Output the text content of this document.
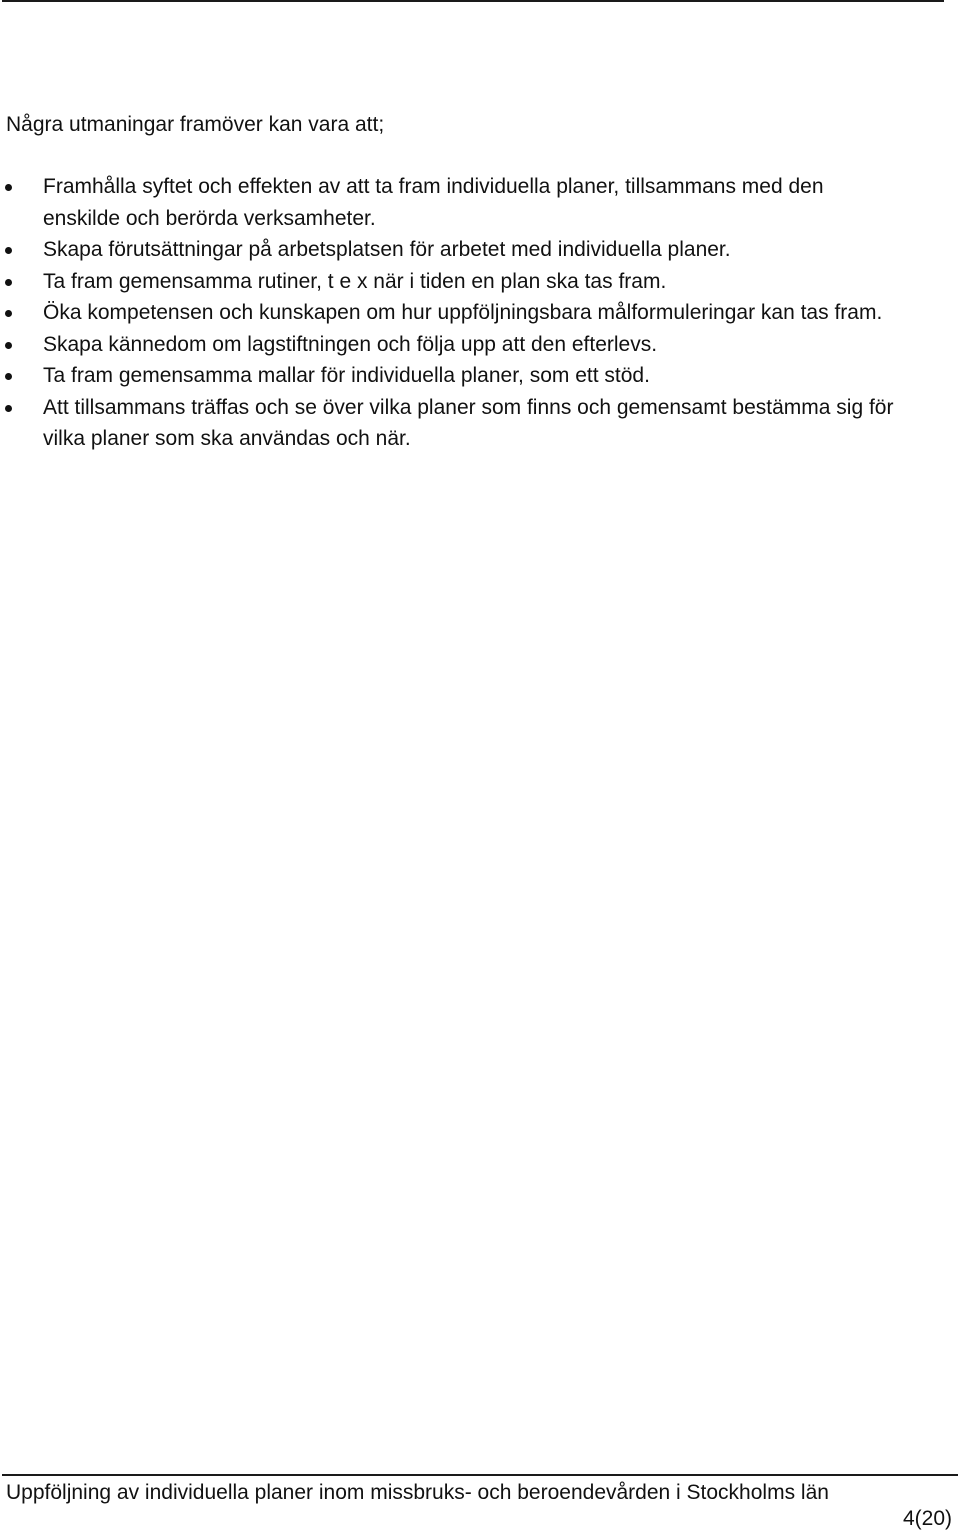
Några utmaningar framöver kan vara att;

Framhålla syftet och effekten av att ta fram individuella planer, tillsammans med den enskilde och berörda verksamheter.
Skapa förutsättningar på arbetsplatsen för arbetet med individuella planer.
Ta fram gemensamma rutiner, t e x när i tiden en plan ska tas fram.
Öka kompetensen och kunskapen om hur uppföljningsbara målformuleringar kan tas fram.
Skapa kännedom om lagstiftningen och följa upp att den efterlevs.
Ta fram gemensamma mallar för individuella planer, som ett stöd.
Att tillsammans träffas och se över vilka planer som finns och gemensamt bestämma sig för vilka planer som ska användas och när.

Uppföljning av individuella planer inom missbruks- och beroendevården i Stockholms län

4(20)
